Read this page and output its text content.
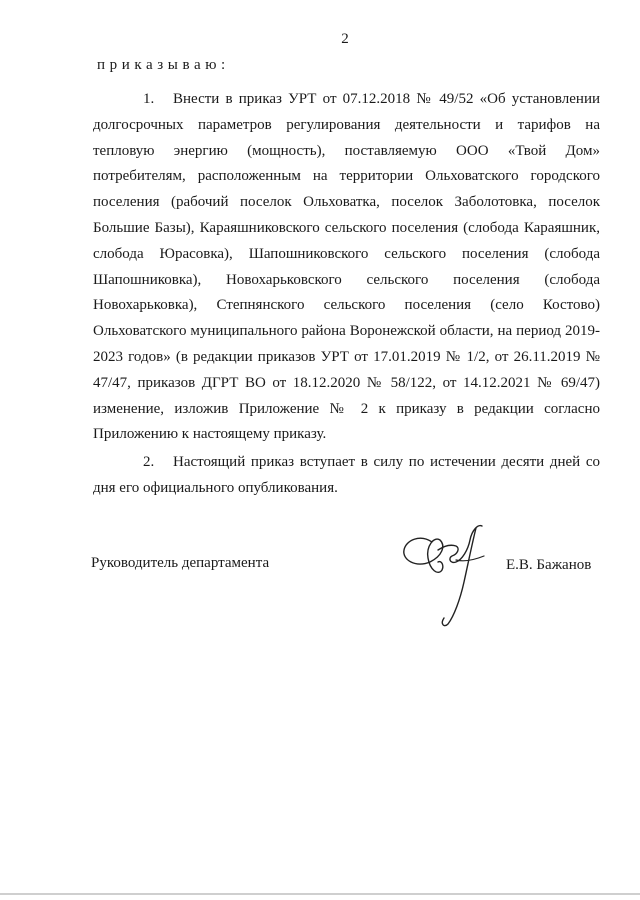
2
приказываю:

1. Внести в приказ УРТ от 07.12.2018 № 49/52 «Об установлении долгосрочных параметров регулирования деятельности и тарифов на тепловую энергию (мощность), поставляемую ООО «Твой Дом» потребителям, расположенным на территории Ольховатского городского поселения (рабочий поселок Ольховатка, поселок Заболотовка, поселок Большие Базы), Караяшниковского сельского поселения (слобода Караяшник, слобода Юрасовка), Шапошниковского сельского поселения (слобода Шапошниковка), Новохарьковского сельского поселения (слобода Новохарьковка), Степнянского сельского поселения (село Костово) Ольховатского муниципального района Воронежской области, на период 2019-2023 годов» (в редакции приказов УРТ от 17.01.2019 № 1/2, от 26.11.2019 № 47/47, приказов ДГРТ ВО от 18.12.2020 № 58/122, от 14.12.2021 № 69/47) изменение, изложив Приложение № 2 к приказу в редакции согласно Приложению к настоящему приказу.

2. Настоящий приказ вступает в силу по истечении десяти дней со дня его официального опубликования.

Руководитель департамента	Е.В. Бажанов
